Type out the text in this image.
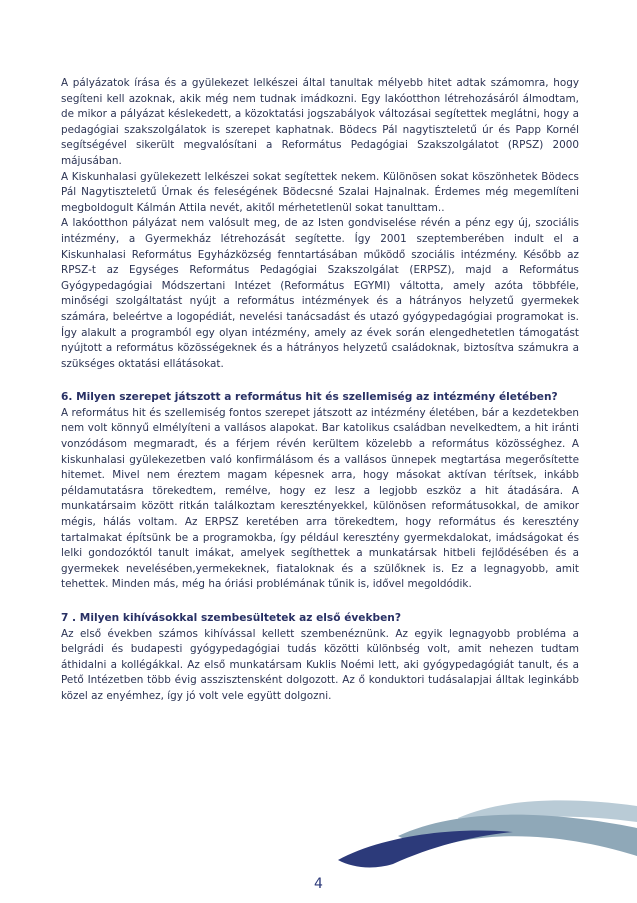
A pályázatok írása és a gyülekezet lelkészei által tanultak mélyebb hitet adtak számomra, hogy segíteni kell azoknak, akik még nem tudnak imádkozni. Egy lakóotthon létrehozásáról álmodtam, de mikor a pályázat késlekedett, a közoktatási jogszabályok változásai segítettek meglátni, hogy a pedagógiai szakszolgálatok is szerepet kaphatnak. Bödecs Pál nagytiszteletű úr és Papp Kornél segítségével sikerült megvalósítani a Református Pedagógiai Szakszolgálatot (RPSZ) 2000 májusában.

A Kiskunhalasi gyülekezett lelkészei sokat segítettek nekem. Különösen sokat köszönhetek Bödecs Pál Nagytiszteletű Úrnak és feleségének Bödecsné Szalai Hajnalnak. Érdemes még megemlíteni megboldogult Kálmán Attila nevét, akitől mérhetetlenül sokat tanulttam..

A lakóotthon pályázat nem valósult meg, de az Isten gondviselése révén a pénz egy új, szociális intézmény, a Gyermekház létrehozását segítette. Így 2001 szeptemberében indult el a Kiskunhalasi Református Egyházközség fenntartásában működő szociális intézmény. Később az RPSZ-t az Egységes Református Pedagógiai Szakszolgálat (ERPSZ), majd a Református Gyógypedagógiai Módszertani Intézet (Református EGYMI) váltotta, amely azóta többféle, minőségi szolgáltatást nyújt a református intézmények és a hátrányos helyzetű gyermekek számára, beleértve a logopédiát, nevelési tanácsadást és utazó gyógypedagógiai programokat is. Így alakult a programból egy olyan intézmény, amely az évek során elengedhetetlen támogatást nyújtott a református közösségeknek és a hátrányos helyzetű családoknak, biztosítva számukra a szükséges oktatási ellátásokat.

6. Milyen szerepet játszott a református hit és szellemiség az intézmény életében?

A református hit és szellemiség fontos szerepet játszott az intézmény életében, bár a kezdetekben nem volt könnyű elmélyíteni a vallásos alapokat. Bar katolikus családban nevelkedtem, a hit iránti vonzódásom megmaradt, és a férjem révén kerültem közelebb a református közösséghez. A kiskunhalasi gyülekezetben való konfirmálásom és a vallásos ünnepek megtartása megerősítette hitemet. Mivel nem éreztem magam képesnek arra, hogy másokat aktívan térítsek, inkább példamutatásra törekedtem, remélve, hogy ez lesz a legjobb eszköz a hit átadására. A munkatársaim között ritkán találkoztam keresztényekkel, különösen reformátusokkal, de amikor mégis, hálás voltam. Az ERPSZ keretében arra törekedtem, hogy református és keresztény tartalmakat építsünk be a programokba, így például keresztény gyermekdalokat, imádságokat és lelki gondozóktól tanult imákat, amelyek segíthettek a munkatársak hitbeli fejlődésében és a gyermekek nevelésében,yermekeknek, fiataloknak és a szülőknek is. Ez a legnagyobb, amit tehettek. Minden más, még ha óriási problémának tűnik is, idővel megoldódik.

7 . Milyen kihívásokkal szembesültetek az első években?

Az első években számos kihívással kellett szembenéznünk. Az egyik legnagyobb probléma a belgrádi és budapesti gyógypedagógiai tudás közötti különbség volt, amit nehezen tudtam áthidalni a kollégákkal. Az első munkatársam Kuklis Noémi lett, aki gyógypedagógiát tanult, és a Pető Intézetben több évig asszisztensként dolgozott. Az ő konduktori tudásalapjai álltak leginkább közel az enyémhez, így jó volt vele együtt dolgozni.

4
